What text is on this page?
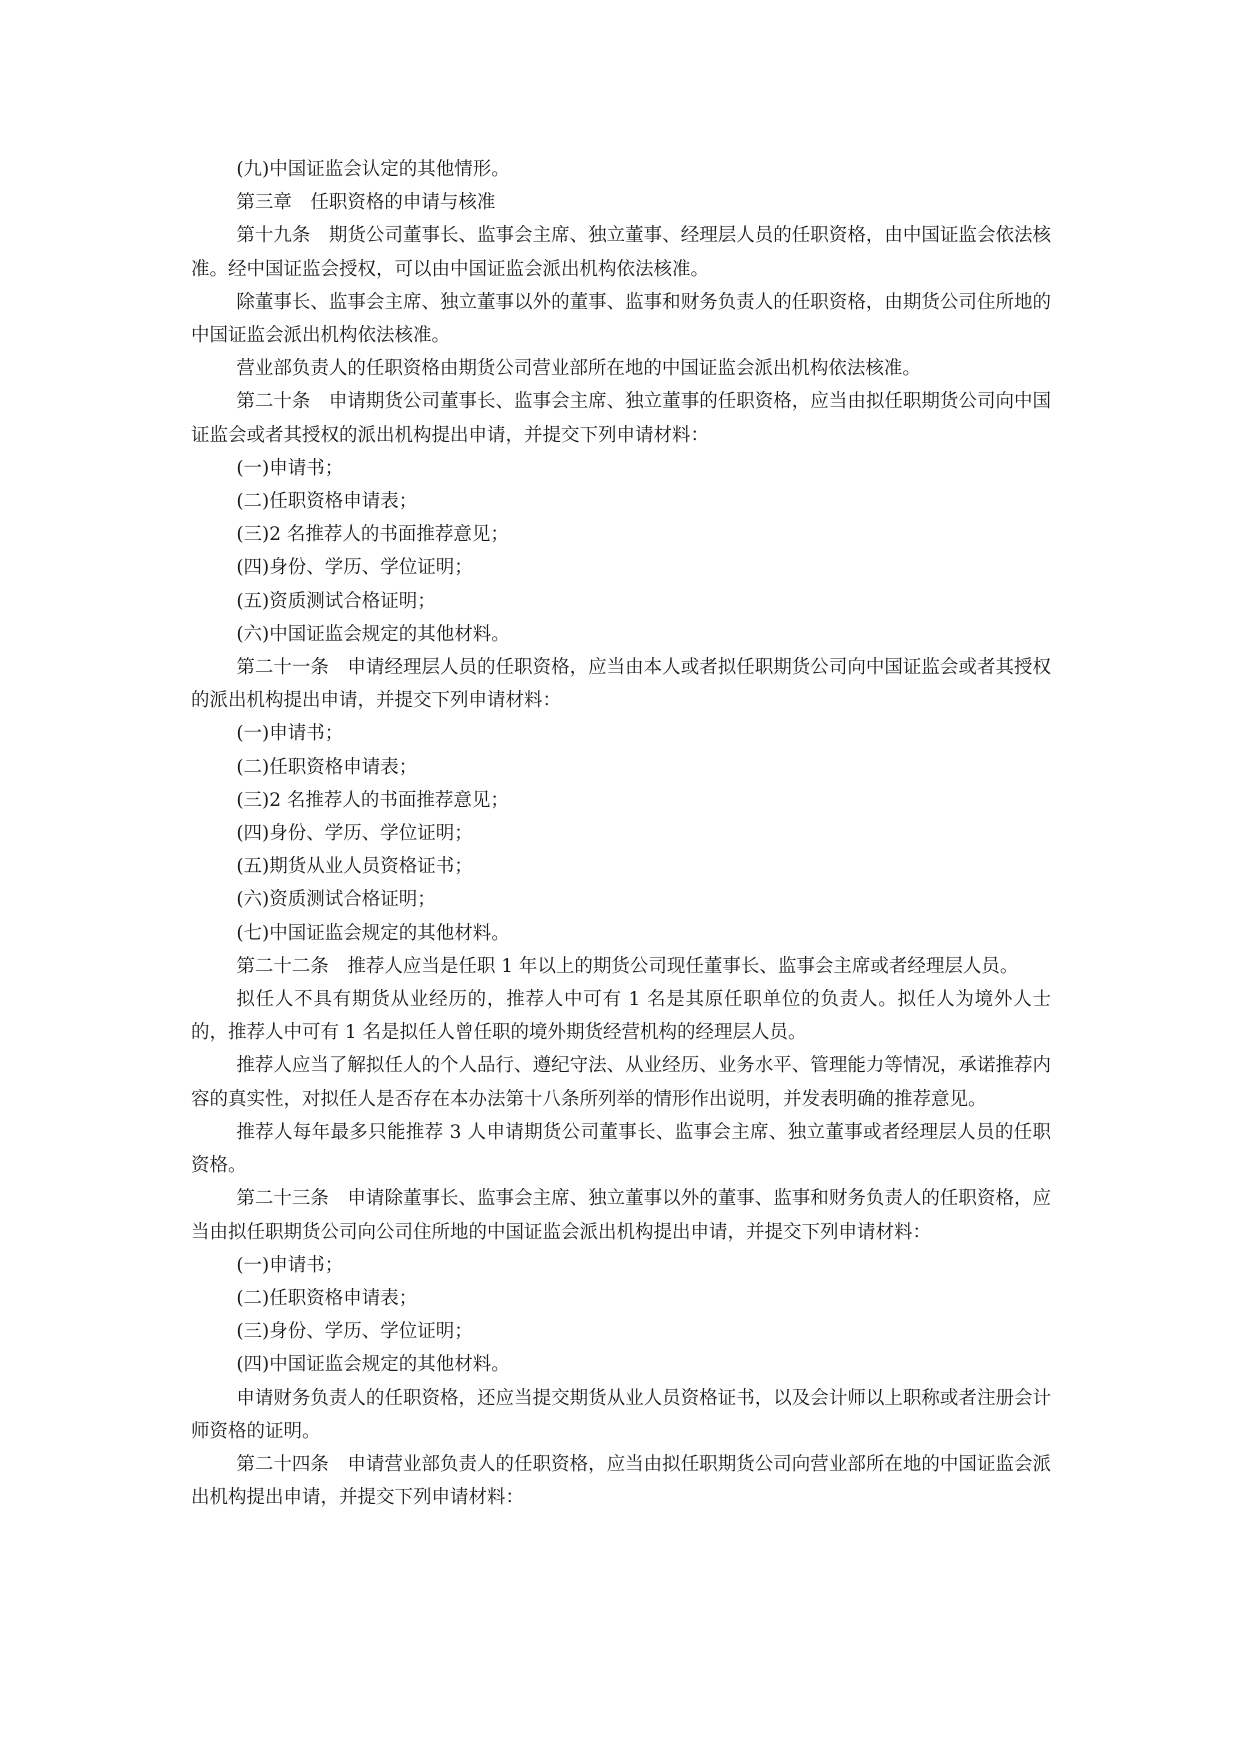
(九)中国证监会认定的其他情形。

第三章　任职资格的申请与核准

第十九条　期货公司董事长、监事会主席、独立董事、经理层人员的任职资格，由中国证监会依法核准。经中国证监会授权，可以由中国证监会派出机构依法核准。

除董事长、监事会主席、独立董事以外的董事、监事和财务负责人的任职资格，由期货公司住所地的中国证监会派出机构依法核准。

营业部负责人的任职资格由期货公司营业部所在地的中国证监会派出机构依法核准。

第二十条　申请期货公司董事长、监事会主席、独立董事的任职资格，应当由拟任职期货公司向中国证监会或者其授权的派出机构提出申请，并提交下列申请材料：

(一)申请书；

(二)任职资格申请表；

(三)2 名推荐人的书面推荐意见；

(四)身份、学历、学位证明；

(五)资质测试合格证明；

(六)中国证监会规定的其他材料。

第二十一条　申请经理层人员的任职资格，应当由本人或者拟任职期货公司向中国证监会或者其授权的派出机构提出申请，并提交下列申请材料：

(一)申请书；

(二)任职资格申请表；

(三)2 名推荐人的书面推荐意见；

(四)身份、学历、学位证明；

(五)期货从业人员资格证书；

(六)资质测试合格证明；

(七)中国证监会规定的其他材料。

第二十二条　推荐人应当是任职 1 年以上的期货公司现任董事长、监事会主席或者经理层人员。

拟任人不具有期货从业经历的，推荐人中可有 1 名是其原任职单位的负责人。拟任人为境外人士的，推荐人中可有 1 名是拟任人曾任职的境外期货经营机构的经理层人员。

推荐人应当了解拟任人的个人品行、遵纪守法、从业经历、业务水平、管理能力等情况，承诺推荐内容的真实性，对拟任人是否存在本办法第十八条所列举的情形作出说明，并发表明确的推荐意见。

推荐人每年最多只能推荐 3 人申请期货公司董事长、监事会主席、独立董事或者经理层人员的任职资格。

第二十三条　申请除董事长、监事会主席、独立董事以外的董事、监事和财务负责人的任职资格，应当由拟任职期货公司向公司住所地的中国证监会派出机构提出申请，并提交下列申请材料：

(一)申请书；

(二)任职资格申请表；

(三)身份、学历、学位证明；

(四)中国证监会规定的其他材料。

申请财务负责人的任职资格，还应当提交期货从业人员资格证书，以及会计师以上职称或者注册会计师资格的证明。

第二十四条　申请营业部负责人的任职资格，应当由拟任职期货公司向营业部所在地的中国证监会派出机构提出申请，并提交下列申请材料：
